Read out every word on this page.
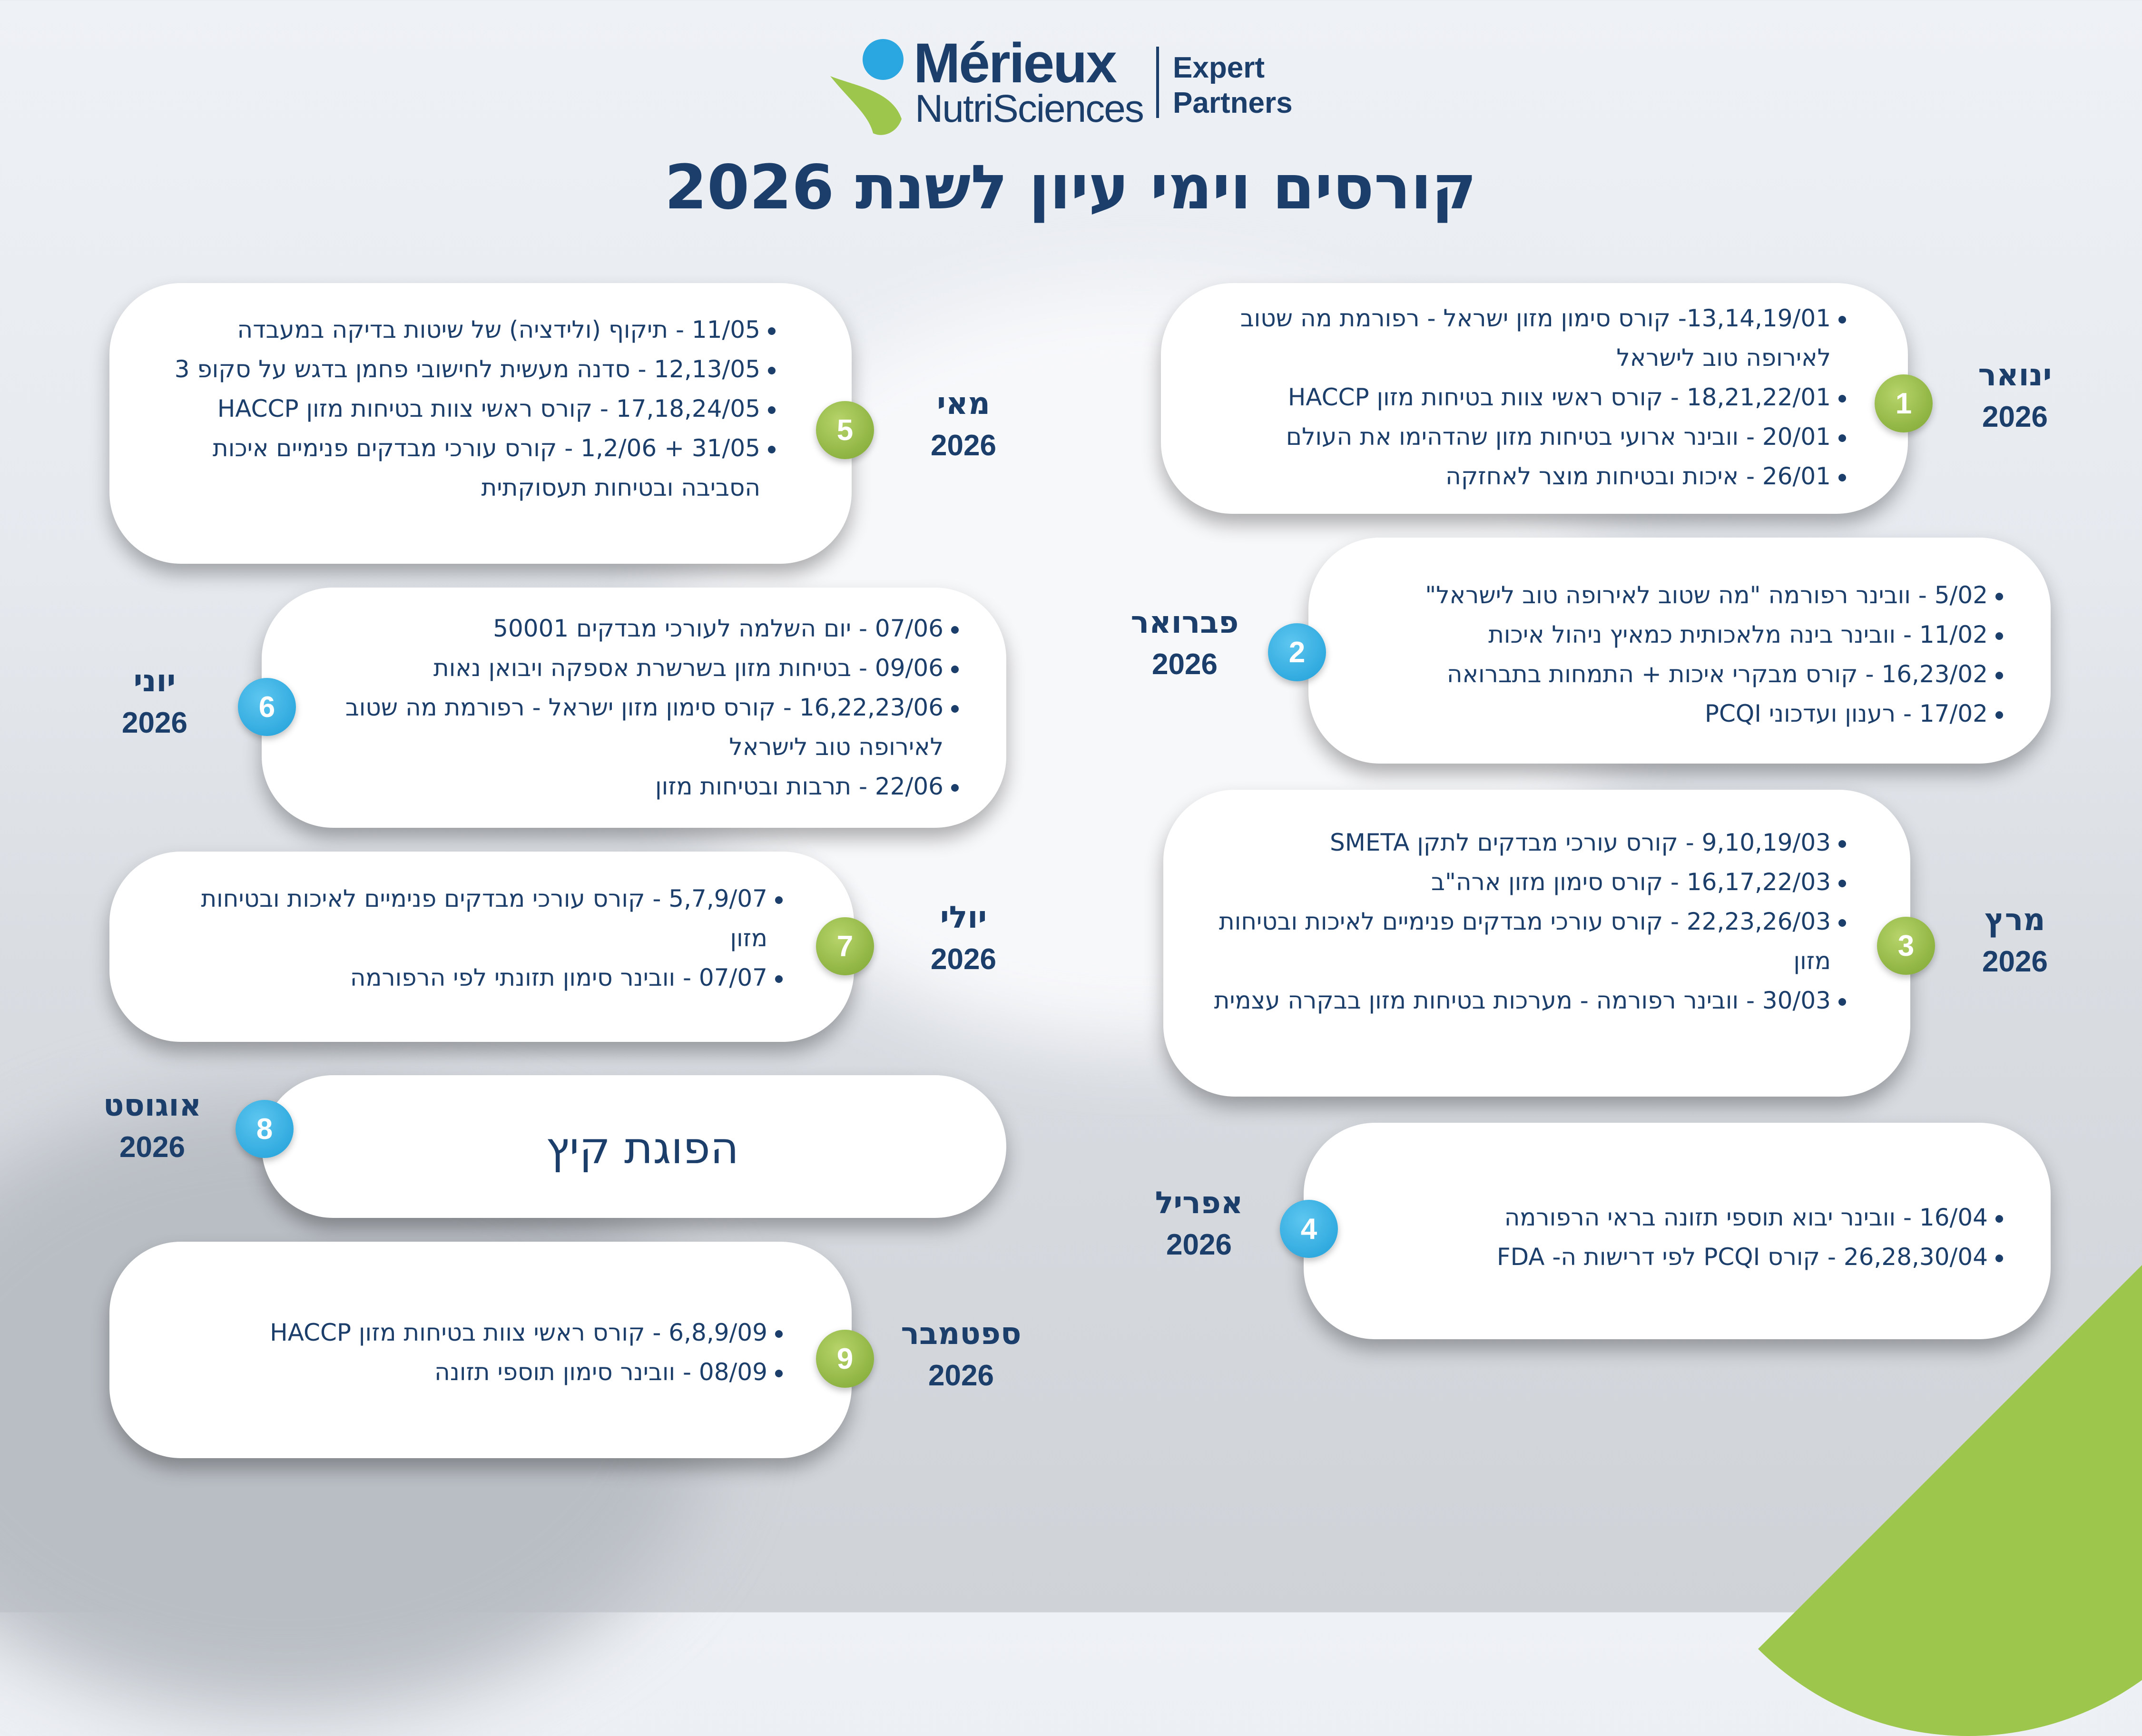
Mérieux
NutriSciences
Expert
Partners
קורסים וימי עיון לשנת 2026
13,14,19/01- קורס סימון מזון ישראל - רפורמת מה שטוב לאירופה טוב לישראל
18,21,22/01 - קורס ראשי צוות בטיחות מזון HACCP
20/01 - וובינר ארועי בטיחות מזון שהדהימו את העולם
26/01 - איכות ובטיחות מוצר לאחזקה
1
ינואר
2026
5/02 - וובינר רפורמה "מה שטוב לאירופה טוב לישראל"
11/02 - וובינר בינה מלאכותית כמאיץ ניהול איכות
16,23/02 - קורס מבקרי איכות + התמחות בתברואה
17/02 - רענון ועדכוני PCQI
2
פברואר
2026
9,10,19/03 - קורס עורכי מבדקים לתקן SMETA
16,17,22/03 - קורס סימון מזון ארה"ב
22,23,26/03 - קורס עורכי מבדקים פנימיים לאיכות ובטיחות מזון
30/03 - וובינר רפורמה - מערכות בטיחות מזון בבקרה עצמית
3
מרץ
2026
16/04 - וובינר יבוא תוספי תזונה בראי הרפורמה
26,28,30/04 - קורס PCQI לפי דרישות ה- FDA
4
אפריל
2026
11/05 - תיקוף (ולידציה) של שיטות בדיקה במעבדה
12,13/05 - סדנה מעשית לחישובי פחמן בדגש על סקופ 3
17,18,24/05 - קורס ראשי צוות בטיחות מזון HACCP
31/05 + 1,2/06 - קורס עורכי מבדקים פנימיים איכות הסביבה ובטיחות תעסוקתית
5
מאי
2026
07/06 - יום השלמה לעורכי מבדקים 50001
09/06 - בטיחות מזון בשרשרת אספקה ויבואן נאות
16,22,23/06 - קורס סימון מזון ישראל - רפורמת מה שטוב לאירופה טוב לישראל
22/06 - תרבות ובטיחות מזון
6
יוני
2026
5,7,9/07 - קורס עורכי מבדקים פנימיים לאיכות ובטיחות מזון
07/07 - וובינר סימון תזונתי לפי הרפורמה
7
יולי
2026
הפוגת קיץ
8
אוגוסט
2026
6,8,9/09 - קורס ראשי צוות בטיחות מזון HACCP
08/09 - וובינר סימון תוספי תזונה	9
ספטמבר
2026
